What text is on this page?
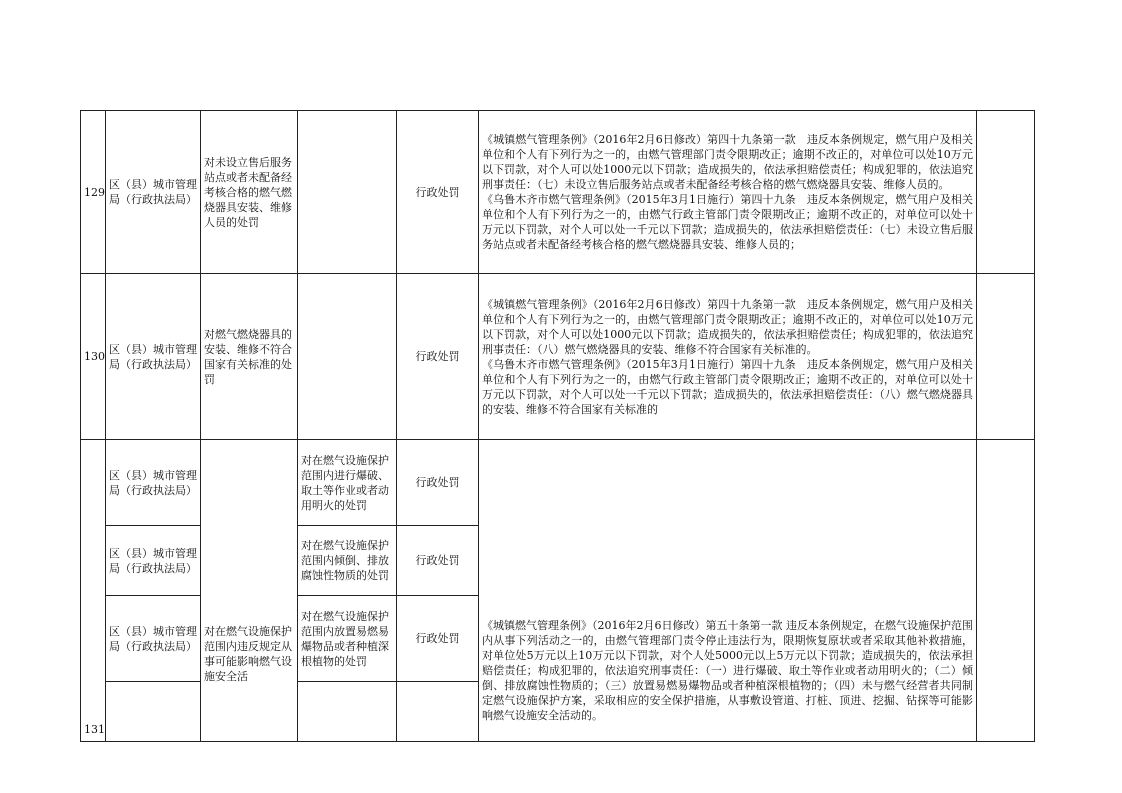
129	区（县）城市管理局（行政执法局）	对未设立售后服务站点或者未配备经考核合格的燃气燃烧器具安装、维修人员的处罚		行政处罚	《城镇燃气管理条例》（2016年2月6日修改）第四十九条第一款　违反本条例规定，燃气用户及相关单位和个人有下列行为之一的，由燃气管理部门责令限期改正；逾期不改正的，对单位可以处10万元以下罚款，对个人可以处1000元以下罚款；造成损失的，依法承担赔偿责任；构成犯罪的，依法追究刑事责任：（七）未设立售后服务站点或者未配备经考核合格的燃气燃烧器具安装、维修人员的。

《乌鲁木齐市燃气管理条例》（2015年3月1日施行）第四十九条　违反本条例规定，燃气用户及相关单位和个人有下列行为之一的，由燃气行政主管部门责令限期改正；逾期不改正的，对单位可以处十万元以下罚款，对个人可以处一千元以下罚款；造成损失的，依法承担赔偿责任：（七）未设立售后服务站点或者未配备经考核合格的燃气燃烧器具安装、维修人员的；	

130	区（县）城市管理局（行政执法局）	对燃气燃烧器具的安装、维修不符合国家有关标准的处罚		行政处罚	《城镇燃气管理条例》（2016年2月6日修改）第四十九条第一款　违反本条例规定，燃气用户及相关单位和个人有下列行为之一的，由燃气管理部门责令限期改正；逾期不改正的，对单位可以处10万元以下罚款，对个人可以处1000元以下罚款；造成损失的，依法承担赔偿责任；构成犯罪的，依法追究刑事责任：（八）燃气燃烧器具的安装、维修不符合国家有关标准的。

《乌鲁木齐市燃气管理条例》（2015年3月1日施行）第四十九条　违反本条例规定，燃气用户及相关单位和个人有下列行为之一的，由燃气行政主管部门责令限期改正；逾期不改正的，对单位可以处十万元以下罚款，对个人可以处一千元以下罚款；造成损失的，依法承担赔偿责任：（八）燃气燃烧器具的安装、维修不符合国家有关标准的	

131	区（县）城市管理局（行政执法局）	对在燃气设施保护范围内违反规定从事可能影响燃气设施安全活	对在燃气设施保护范围内进行爆破、取土等作业或者动用明火的处罚	行政处罚	《城镇燃气管理条例》（2016年2月6日修改）第五十条第一款 违反本条例规定，在燃气设施保护范围内从事下列活动之一的，由燃气管理部门责令停止违法行为，限期恢复原状或者采取其他补救措施，对单位处5万元以上10万元以下罚款，对个人处5000元以上5万元以下罚款；造成损失的，依法承担赔偿责任；构成犯罪的，依法追究刑事责任：（一）进行爆破、取土等作业或者动用明火的；（二）倾倒、排放腐蚀性物质的；（三）放置易燃易爆物品或者种植深根植物的；（四）未与燃气经营者共同制定燃气设施保护方案，采取相应的安全保护措施，从事敷设管道、打桩、顶进、挖掘、钻探等可能影响燃气设施安全活动的。	

	区（县）城市管理局（行政执法局）		对在燃气设施保护范围内倾倒、排放腐蚀性物质的处罚	行政处罚		
	区（县）城市管理局（行政执法局）		对在燃气设施保护范围内放置易燃易爆物品或者种植深根植物的处罚	行政处罚		
